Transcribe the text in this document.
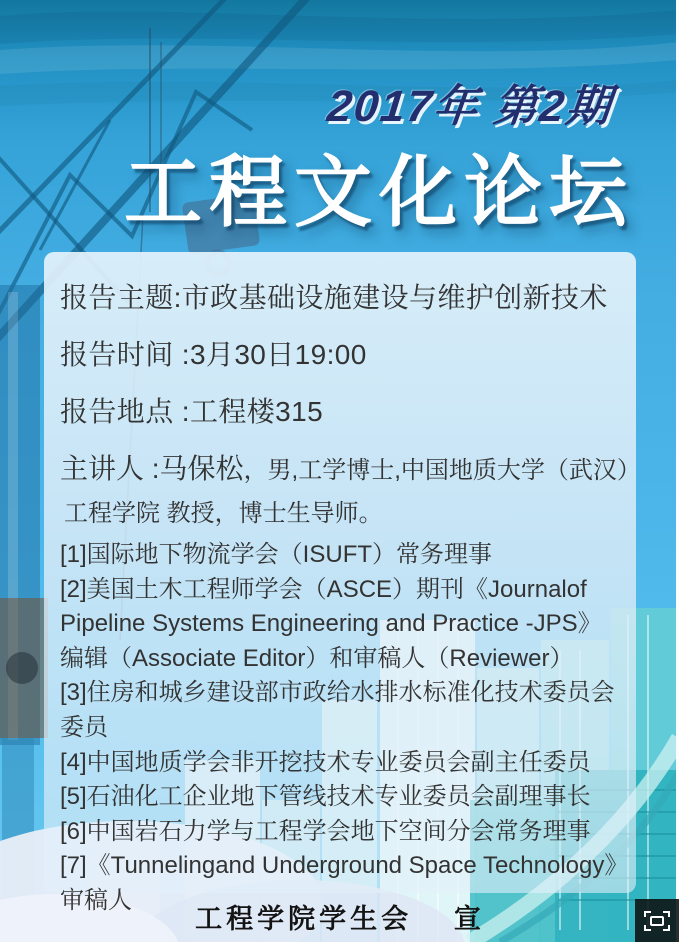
2017年 第2期
工程文化论坛
报告主题:市政基础设施建设与维护创新技术
报告时间 :3月30日19:00
报告地点 :工程楼315
主讲人 :马保松，男,工学博士,中国地质大学（武汉）
工程学院 教授，博士生导师。
[1]国际地下物流学会（ISUFT）常务理事
[2]美国土木工程师学会（ASCE）期刊《Journalof
Pipeline Systems Engineering and Practice -JPS》
编辑（Associate Editor）和审稿人（Reviewer）
[3]住房和城乡建设部市政给水排水标准化技术委员会
委员
[4]中国地质学会非开挖技术专业委员会副主任委员
[5]石油化工企业地下管线技术专业委员会副理事长
[6]中国岩石力学与工程学会地下空间分会常务理事
[7]《Tunnelingand Underground Space Technology》
审稿人
工程学院学生会　 宣
